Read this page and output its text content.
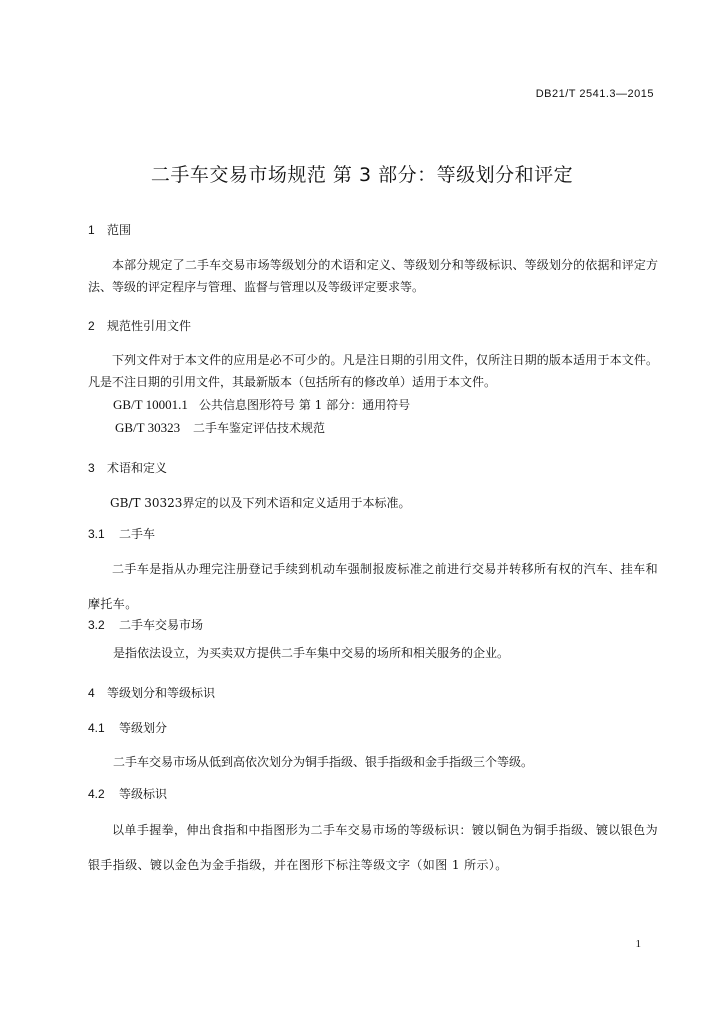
DB21/T 2541.3—2015
二手车交易市场规范 第 3 部分：等级划分和评定
1 范围
本部分规定了二手车交易市场等级划分的术语和定义、等级划分和等级标识、等级划分的依据和评定方法、等级的评定程序与管理、监督与管理以及等级评定要求等。
2 规范性引用文件
下列文件对于本文件的应用是必不可少的。凡是注日期的引用文件，仅所注日期的版本适用于本文件。凡是不注日期的引用文件，其最新版本（包括所有的修改单）适用于本文件。
GB/T 10001.1 公共信息图形符号 第 1 部分：通用符号
GB/T 30323 二手车鉴定评估技术规范
3 术语和定义
GB/T 30323界定的以及下列术语和定义适用于本标准。
3.1 二手车
二手车是指从办理完注册登记手续到机动车强制报废标准之前进行交易并转移所有权的汽车、挂车和摩托车。
3.2 二手车交易市场
是指依法设立，为买卖双方提供二手车集中交易的场所和相关服务的企业。
4 等级划分和等级标识
4.1 等级划分
二手车交易市场从低到高依次划分为铜手指级、银手指级和金手指级三个等级。
4.2 等级标识
以单手握拳，伸出食指和中指图形为二手车交易市场的等级标识：镀以铜色为铜手指级、镀以银色为银手指级、镀以金色为金手指级，并在图形下标注等级文字（如图 1 所示）。
1
